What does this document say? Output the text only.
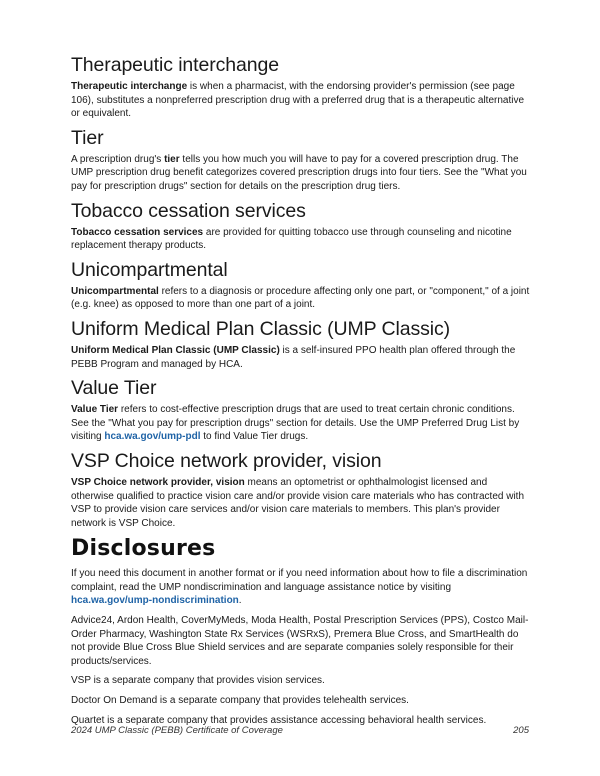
Therapeutic interchange

Therapeutic interchange is when a pharmacist, with the endorsing provider's permission (see page 106), substitutes a nonpreferred prescription drug with a preferred drug that is a therapeutic alternative or equivalent.

Tier

A prescription drug's tier tells you how much you will have to pay for a covered prescription drug. The UMP prescription drug benefit categorizes covered prescription drugs into four tiers. See the "What you pay for prescription drugs" section for details on the prescription drug tiers.

Tobacco cessation services

Tobacco cessation services are provided for quitting tobacco use through counseling and nicotine replacement therapy products.

Unicompartmental

Unicompartmental refers to a diagnosis or procedure affecting only one part, or "component," of a joint (e.g. knee) as opposed to more than one part of a joint.

Uniform Medical Plan Classic (UMP Classic)

Uniform Medical Plan Classic (UMP Classic) is a self-insured PPO health plan offered through the PEBB Program and managed by HCA.

Value Tier

Value Tier refers to cost-effective prescription drugs that are used to treat certain chronic conditions. See the "What you pay for prescription drugs" section for details. Use the UMP Preferred Drug List by visiting hca.wa.gov/ump-pdl to find Value Tier drugs.

VSP Choice network provider, vision

VSP Choice network provider, vision means an optometrist or ophthalmologist licensed and otherwise qualified to practice vision care and/or provide vision care materials who has contracted with VSP to provide vision care services and/or vision care materials to members. This plan's provider network is VSP Choice.

Disclosures

If you need this document in another format or if you need information about how to file a discrimination complaint, read the UMP nondiscrimination and language assistance notice by visiting hca.wa.gov/ump-nondiscrimination.

Advice24, Ardon Health, CoverMyMeds, Moda Health, Postal Prescription Services (PPS), Costco Mail-Order Pharmacy, Washington State Rx Services (WSRxS), Premera Blue Cross, and SmartHealth do not provide Blue Cross Blue Shield services and are separate companies solely responsible for their products/services.

VSP is a separate company that provides vision services.

Doctor On Demand is a separate company that provides telehealth services.

Quartet is a separate company that provides assistance accessing behavioral health services.

2024 UMP Classic (PEBB) Certificate of Coverage	205
